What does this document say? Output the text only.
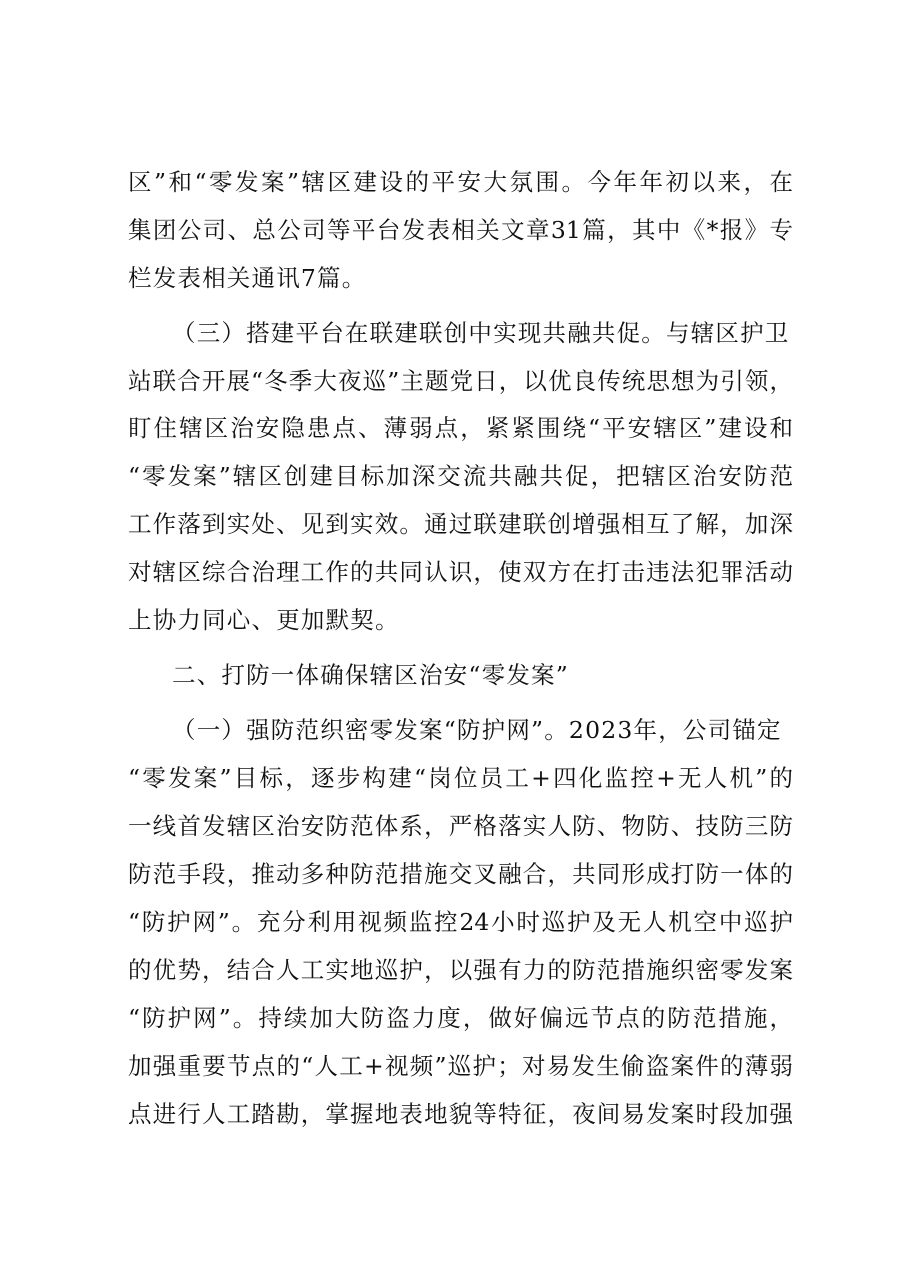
区”和“零发案”辖区建设的平安大氛围。今年年初以来，在
集团公司、总公司等平台发表相关文章31篇，其中《*报》专
栏发表相关通讯7篇。
（三）搭建平台在联建联创中实现共融共促。与辖区护卫
站联合开展“冬季大夜巡”主题党日，以优良传统思想为引领，
盯住辖区治安隐患点、薄弱点，紧紧围绕“平安辖区”建设和
“零发案”辖区创建目标加深交流共融共促，把辖区治安防范
工作落到实处、见到实效。通过联建联创增强相互了解，加深
对辖区综合治理工作的共同认识，使双方在打击违法犯罪活动
上协力同心、更加默契。
二、打防一体确保辖区治安“零发案”
（一）强防范织密零发案“防护网”。2023年，公司锚定
“零发案”目标，逐步构建“岗位员工+四化监控+无人机”的
一线首发辖区治安防范体系，严格落实人防、物防、技防三防
防范手段，推动多种防范措施交叉融合，共同形成打防一体的
“防护网”。充分利用视频监控24小时巡护及无人机空中巡护
的优势，结合人工实地巡护，以强有力的防范措施织密零发案
“防护网”。持续加大防盗力度，做好偏远节点的防范措施，
加强重要节点的“人工+视频”巡护；对易发生偷盗案件的薄弱
点进行人工踏勘，掌握地表地貌等特征，夜间易发案时段加强
